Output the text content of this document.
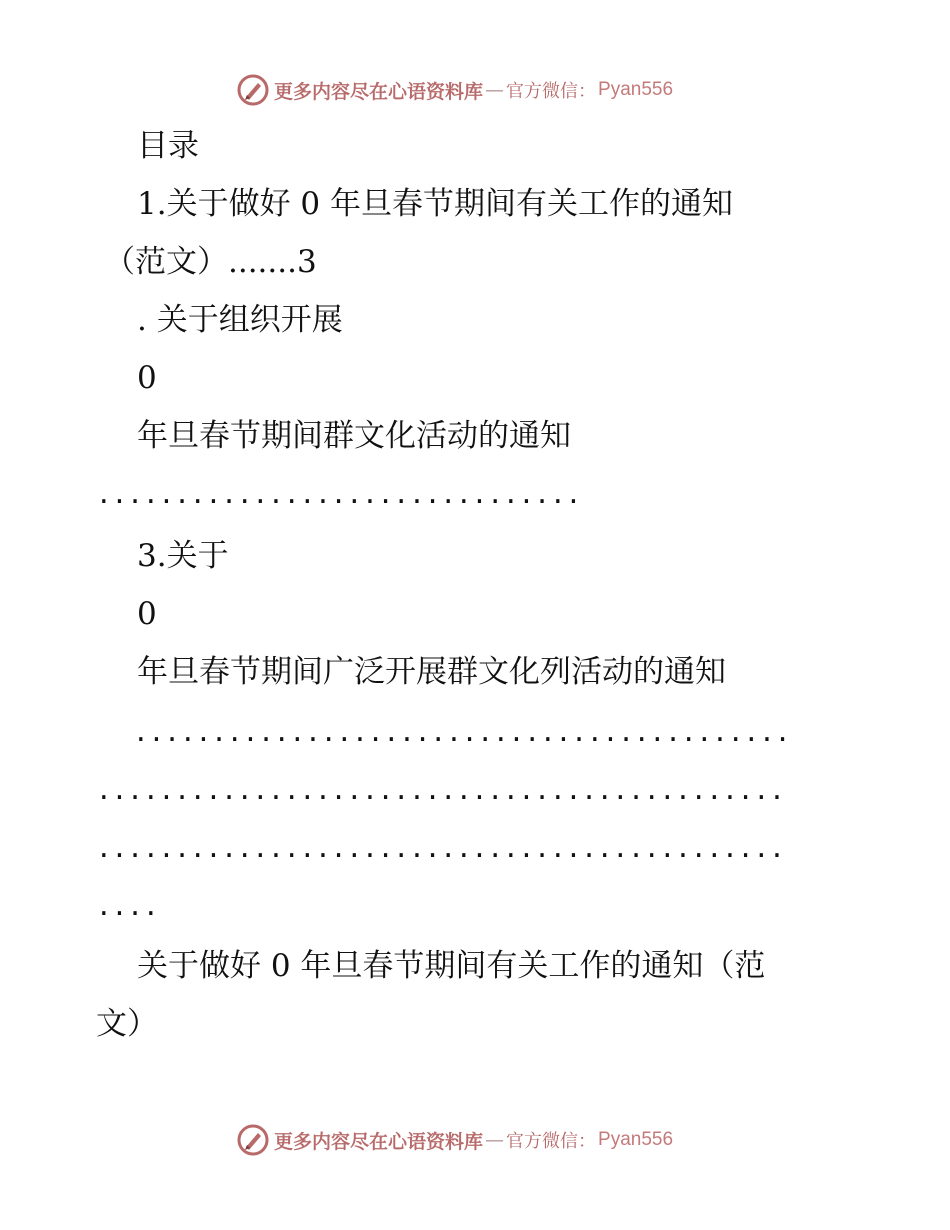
更多内容尽在心语资料库 — 官方微信： Pyan556
目录
1.关于做好 0 年旦春节期间有关工作的通知
（范文）.......3
. 关于组织开展
0
年旦春节期间群文化活动的通知
...............................
3.关于
0
年旦春节期间广泛开展群文化列活动的通知
..........................................
............................................
............................................
....
关于做好 0 年旦春节期间有关工作的通知（范
文）
更多内容尽在心语资料库 — 官方微信： Pyan556
